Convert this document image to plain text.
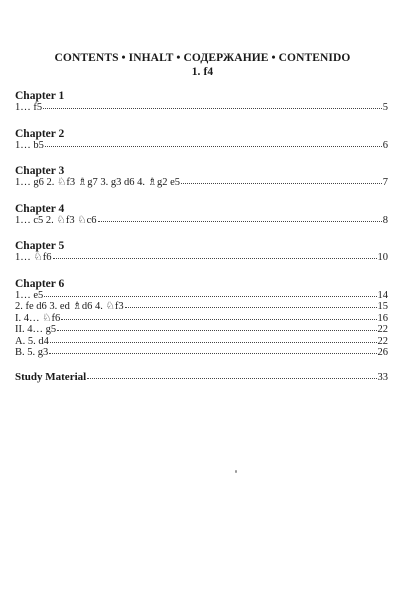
CONTENTS • INHALT • СОДЕРЖАНИЕ • CONTENIDO
1. f4
Chapter 1
1… f5	5
Chapter 2
1… b5	6
Chapter 3
1… g6 2. ♘f3 ♗g7 3. g3 d6 4. ♗g2 e5	7
Chapter 4
1… c5 2. ♘f3 ♘c6	8
Chapter 5
1… ♘f6	10
Chapter 6
1… e5	14
2. fe d6 3. ed ♗d6 4. ♘f3	15
I. 4… ♘f6	16
II. 4… g5	22
A. 5. d4	22
B. 5. g3	26
Study Material	33
